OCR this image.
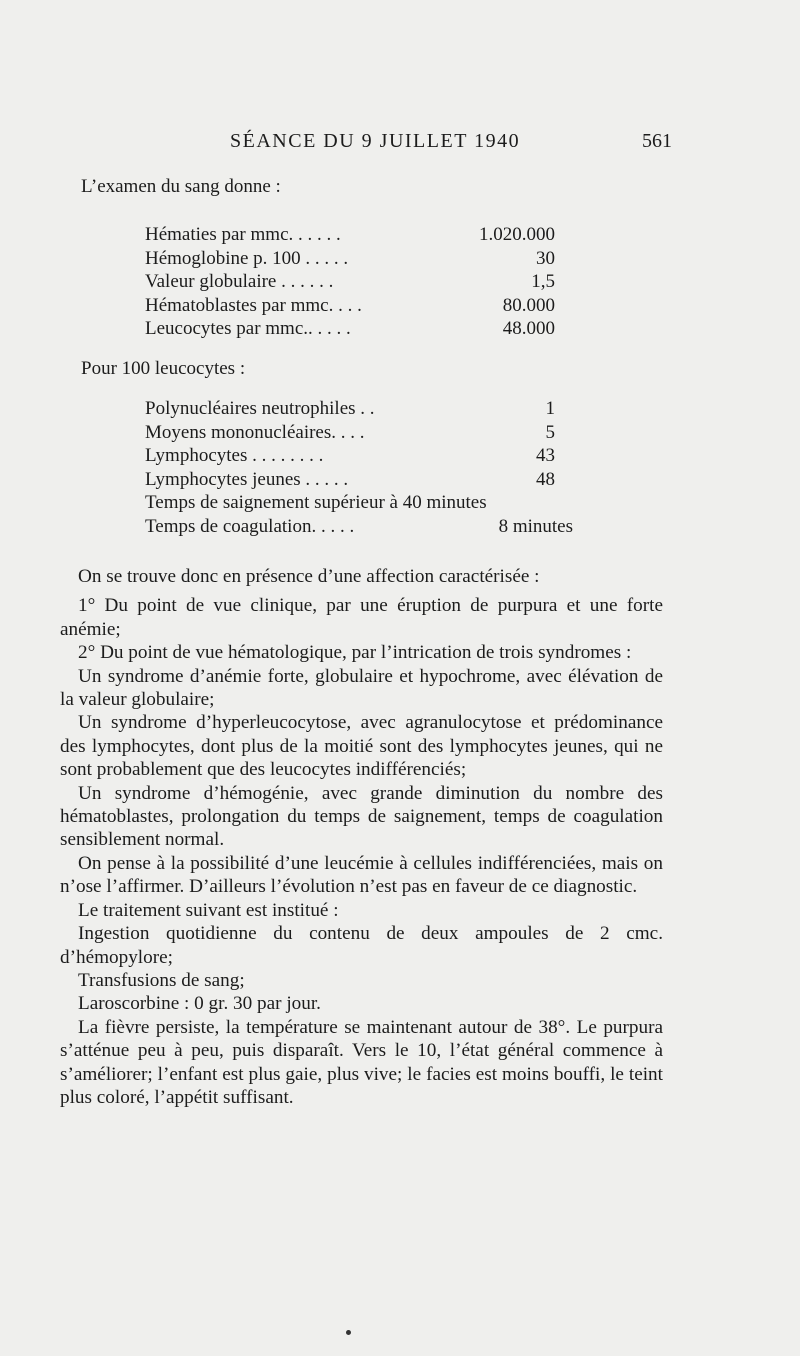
SÉANCE DU 9 JUILLET 1940	561
L’examen du sang donne :
Hématies par mmc. . . . . .	1.020.000
Hémoglobine p. 100 . . . . .	30
Valeur globulaire . . . . . .	1,5
Hématoblastes par mmc. . . .	80.000
Leucocytes par mmc.. . . . .	48.000
Pour 100 leucocytes :
Polynucléaires neutrophiles . .	1
Moyens mononucléaires. . . .	5
Lymphocytes . . . . . . . .	43
Lymphocytes jeunes . . . . .	48
Temps de saignement supérieur à 40 minutes
Temps de coagulation. . . . .	8 minutes

On se trouve donc en présence d’une affection caractérisée :

1° Du point de vue clinique, par une éruption de purpura et une forte anémie;

2° Du point de vue hématologique, par l’intrication de trois syndromes :

Un syndrome d’anémie forte, globulaire et hypochrome, avec élévation de la valeur globulaire;

Un syndrome d’hyperleucocytose, avec agranulocytose et prédominance des lymphocytes, dont plus de la moitié sont des lymphocytes jeunes, qui ne sont probablement que des leucocytes indifférenciés;

Un syndrome d’hémogénie, avec grande diminution du nombre des hématoblastes, prolongation du temps de saignement, temps de coagulation sensiblement normal.

On pense à la possibilité d’une leucémie à cellules indifférenciées, mais on n’ose l’affirmer. D’ailleurs l’évolution n’est pas en faveur de ce diagnostic.

Le traitement suivant est institué :

Ingestion quotidienne du contenu de deux ampoules de 2 cmc. d’hémopylore;

Transfusions de sang;

Laroscorbine : 0 gr. 30 par jour.

La fièvre persiste, la température se maintenant autour de 38°. Le purpura s’atténue peu à peu, puis disparaît. Vers le 10, l’état général commence à s’améliorer; l’enfant est plus gaie, plus vive; le facies est moins bouffi, le teint plus coloré, l’appétit suffisant.
